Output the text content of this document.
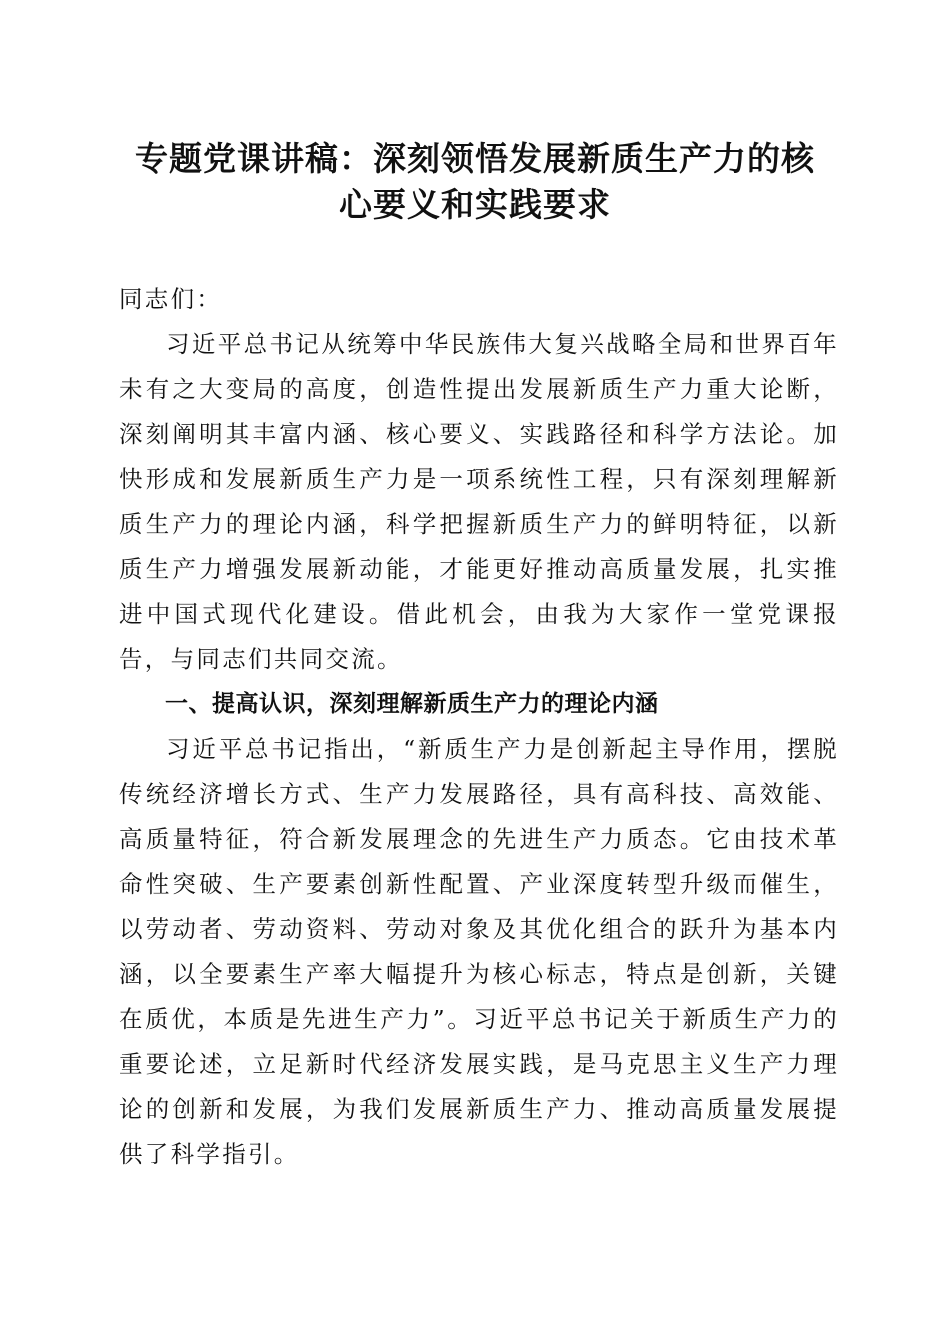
专题党课讲稿：深刻领悟发展新质生产力的核
心要义和实践要求

同志们：

习近平总书记从统筹中华民族伟大复兴战略全局和世界百年未有之大变局的高度，创造性提出发展新质生产力重大论断，深刻阐明其丰富内涵、核心要义、实践路径和科学方法论。加快形成和发展新质生产力是一项系统性工程，只有深刻理解新质生产力的理论内涵，科学把握新质生产力的鲜明特征，以新质生产力增强发展新动能，才能更好推动高质量发展，扎实推进中国式现代化建设。借此机会，由我为大家作一堂党课报告，与同志们共同交流。

一、提高认识，深刻理解新质生产力的理论内涵

习近平总书记指出，“新质生产力是创新起主导作用，摆脱传统经济增长方式、生产力发展路径，具有高科技、高效能、高质量特征，符合新发展理念的先进生产力质态。它由技术革命性突破、生产要素创新性配置、产业深度转型升级而催生，以劳动者、劳动资料、劳动对象及其优化组合的跃升为基本内涵，以全要素生产率大幅提升为核心标志，特点是创新，关键在质优，本质是先进生产力”。习近平总书记关于新质生产力的重要论述，立足新时代经济发展实践，是马克思主义生产力理论的创新和发展，为我们发展新质生产力、推动高质量发展提供了科学指引。
